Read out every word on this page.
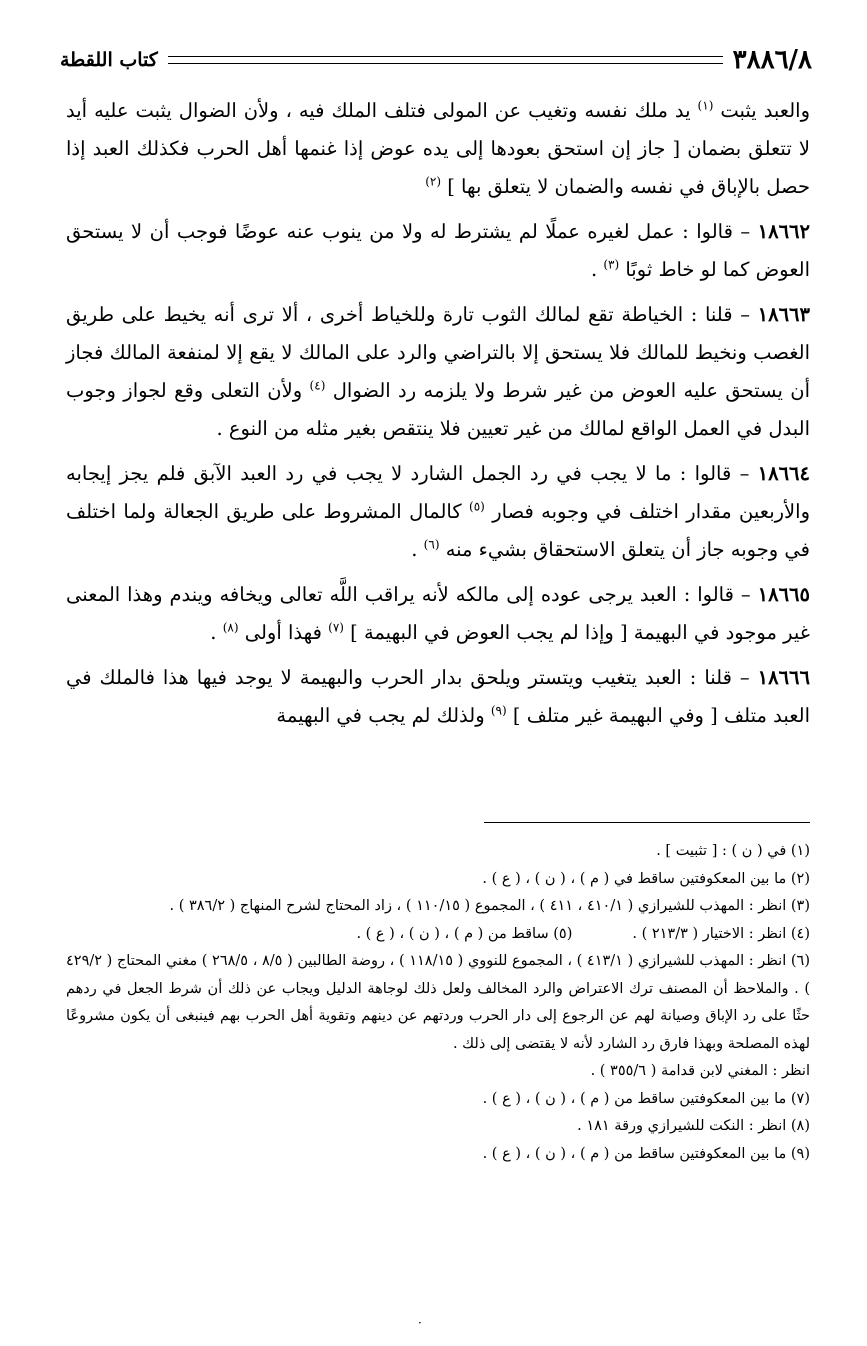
٣٨٨٦/٨
كتاب اللقطة

والعبد يثبت $^{(١)}$ يد ملك نفسه وتغيب عن المولى فتلف الملك فيه ، ولأن الضوال يثبت عليه أيد لا تتعلق بضمان [ جاز إن استحق بعودها إلى يده عوض إذا غنمها أهل الحرب فكذلك العبد إذا حصل بالإباق في نفسه والضمان لا يتعلق بها ] $^{(٢)}$

١٨٦٦٢ – قالوا : عمل لغيره عملًا لم يشترط له ولا من ينوب عنه عوضًا فوجب أن لا يستحق العوض كما لو خاط ثوبًا $^{(٣)}$ .

١٨٦٦٣ – قلنا : الخياطة تقع لمالك الثوب تارة وللخياط أخرى ، ألا ترى أنه يخيط على طريق الغصب ونخيط للمالك فلا يستحق إلا بالتراضي والرد على المالك لا يقع إلا لمنفعة المالك فجاز أن يستحق عليه العوض من غير شرط ولا يلزمه رد الضوال $^{(٤)}$ ولأن التعلى وقع لجواز وجوب البدل في العمل الواقع لمالك من غير تعيين فلا ينتقص بغير مثله من النوع .

١٨٦٦٤ – قالوا : ما لا يجب في رد الجمل الشارد لا يجب في رد العبد الآبق فلم يجز إيجابه والأربعين مقدار اختلف في وجوبه فصار $^{(٥)}$ كالمال المشروط على طريق الجعالة ولما اختلف في وجوبه جاز أن يتعلق الاستحقاق بشيء منه $^{(٦)}$ .

١٨٦٦٥ – قالوا : العبد يرجى عوده إلى مالكه لأنه يراقب اللَّه تعالى ويخافه ويندم وهذا المعنى غير موجود في البهيمة [ وإذا لم يجب العوض في البهيمة ] $^{(٧)}$ فهذا أولى $^{(٨)}$ .

١٨٦٦٦ – قلنا : العبد يتغيب ويتستر ويلحق بدار الحرب والبهيمة لا يوجد فيها هذا فالملك في العبد متلف [ وفي البهيمة غير متلف ] $^{(٩)}$ ولذلك لم يجب في البهيمة

(١) في ( ن ) : [ تثبيت ] .

(٢) ما بين المعكوفتين ساقط في ( م ) ، ( ن ) ، ( ع ) .

(٣) انظر : المهذب للشيرازي ( ٤١٠/١ ، ٤١١ ) ، المجموع ( ١١٠/١٥ ) ، زاد المحتاج لشرح المنهاج ( ٣٨٦/٢ ) .

(٤) انظر : الاختيار ( ٢١٣/٣ ) .
(٥) ساقط من ( م ) ، ( ن ) ، ( ع ) .

(٦) انظر : المهذب للشيرازي ( ٤١٣/١ ) ، المجموع للنووي ( ١١٨/١٥ ) ، روضة الطالبين ( ٨/٥ ، ٢٦٨/٥ ) مغني المحتاج ( ٤٢٩/٢ ) . والملاحظ أن المصنف ترك الاعتراض والرد المخالف ولعل ذلك لوجاهة الدليل ويجاب عن ذلك أن شرط الجعل في ردهم حثًا على رد الإباق وصيانة لهم عن الرجوع إلى دار الحرب وردتهم عن دينهم وتقوية أهل الحرب بهم فينبغى أن يكون مشروعًا لهذه المصلحة وبهذا فارق رد الشارد لأنه لا يقتضى إلى ذلك .

انظر : المغني لابن قدامة ( ٣٥٥/٦ ) .

(٧) ما بين المعكوفتين ساقط من ( م ) ، ( ن ) ، ( ع ) .

(٨) انظر : النكت للشيرازي ورقة ١٨١ .

(٩) ما بين المعكوفتين ساقط من ( م ) ، ( ن ) ، ( ع ) .

·
